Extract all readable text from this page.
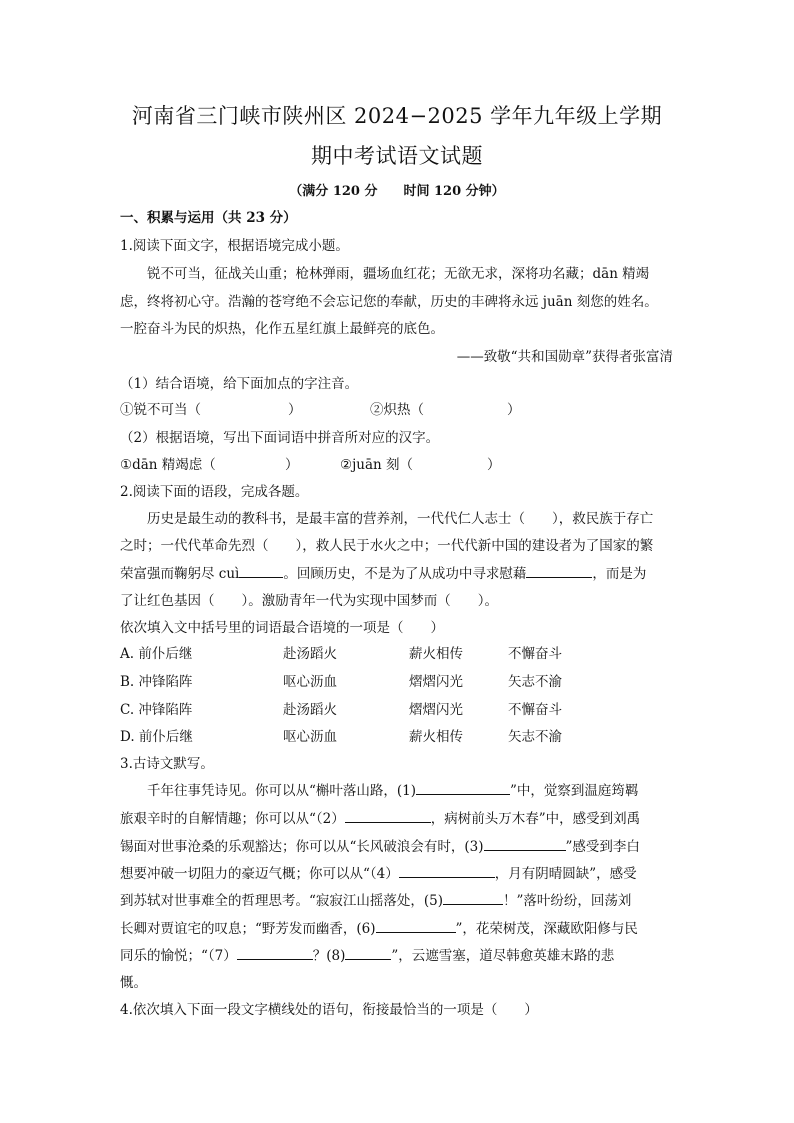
河南省三门峡市陕州区 2024−2025 学年九年级上学期
期中考试语文试题
（满分 120 分　　时间 120 分钟）
一、积累与运用（共 23 分）
1.阅读下面文字，根据语境完成小题。
锐不可当，征战关山重；枪林弹雨，疆场血红花；无欲无求，深将功名藏；dān 精竭
虑，终将初心守。浩瀚的苍穹绝不会忘记您的奉献，历史的丰碑将永远 juān 刻您的姓名。
一腔奋斗为民的炽热，化作五星红旗上最鲜亮的底色。
——致敬“共和国勋章”获得者张富清
（1）结合语境，给下面加点的字注音。
①锐不可当（	）	②炽热（	）
（2）根据语境，写出下面词语中拼音所对应的汉字。
①dān 精竭虑（	）	②juān 刻（	）
2.阅读下面的语段，完成各题。
历史是最生动的教科书，是最丰富的营养剂，一代代仁人志士（　　），救民族于存亡
之时；一代代革命先烈（　　），救人民于水火之中；一代代新中国的建设者为了国家的繁
荣富强而鞠躬尽 cuì	。回顾历史，不是为了从成功中寻求慰藉	，而是为
了让红色基因（　　）。激励青年一代为实现中国梦而（　　）。
依次填入文中括号里的词语最合语境的一项是（　　）
A. 前仆后继	赴汤蹈火	薪火相传	不懈奋斗
B. 冲锋陷阵	呕心沥血	熠熠闪光	矢志不渝
C. 冲锋陷阵	赴汤蹈火	熠熠闪光	不懈奋斗
D. 前仆后继	呕心沥血	薪火相传	矢志不渝
3.古诗文默写。
千年往事凭诗见。你可以从“槲叶落山路，(1)	”中，觉察到温庭筠羁
旅艰辛时的自解情趣；你可以从“（2）	，病树前头万木春”中，感受到刘禹
锡面对世事沧桑的乐观豁达；你可以从“长风破浪会有时，(3)	”感受到李白
想要冲破一切阻力的豪迈气概；你可以从“（4）	，月有阴晴圆缺”，感受
到苏轼对世事难全的哲理思考。“寂寂江山摇落处，(5)	！”落叶纷纷，回荡刘
长卿对贾谊宅的叹息；“野芳发而幽香，(6)	”，花荣树茂，深藏欧阳修与民
同乐的愉悦；“（7）	？(8)	”，云遮雪塞，道尽韩愈英雄末路的悲
慨。
4.依次填入下面一段文字横线处的语句，衔接最恰当的一项是（　　）
